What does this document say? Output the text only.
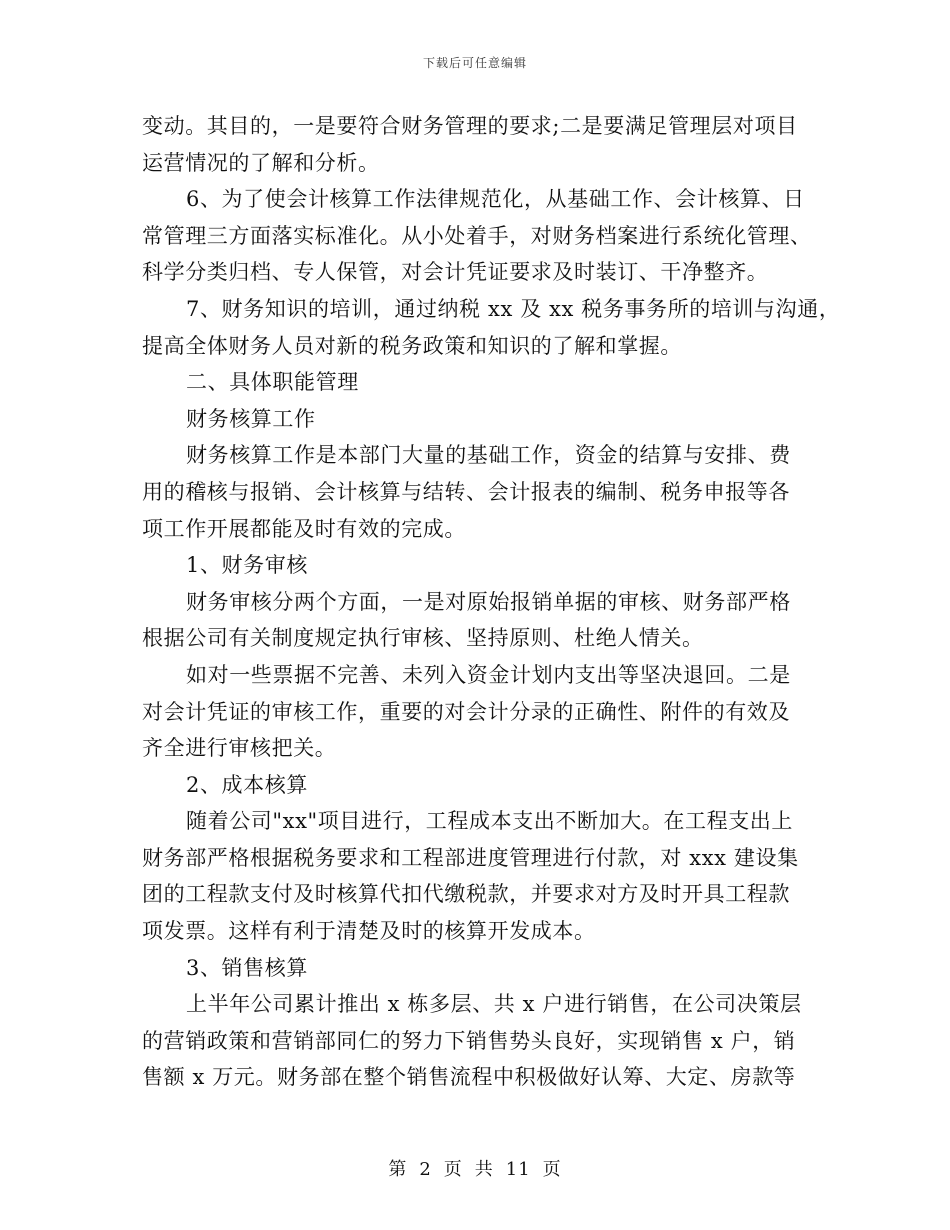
下载后可任意编辑
变动。其目的，一是要符合财务管理的要求;二是要满足管理层对项目
运营情况的了解和分析。
6、为了使会计核算工作法律规范化，从基础工作、会计核算、日
常管理三方面落实标准化。从小处着手，对财务档案进行系统化管理、
科学分类归档、专人保管，对会计凭证要求及时装订、干净整齐。
7、财务知识的培训，通过纳税 xx 及 xx 税务事务所的培训与沟通，
提高全体财务人员对新的税务政策和知识的了解和掌握。
二、具体职能管理
财务核算工作
财务核算工作是本部门大量的基础工作，资金的结算与安排、费
用的稽核与报销、会计核算与结转、会计报表的编制、税务申报等各
项工作开展都能及时有效的完成。
1、财务审核
财务审核分两个方面，一是对原始报销单据的审核、财务部严格
根据公司有关制度规定执行审核、坚持原则、杜绝人情关。
如对一些票据不完善、未列入资金计划内支出等坚决退回。二是
对会计凭证的审核工作，重要的对会计分录的正确性、附件的有效及
齐全进行审核把关。
2、成本核算
随着公司"xx"项目进行，工程成本支出不断加大。在工程支出上
财务部严格根据税务要求和工程部进度管理进行付款，对 xxx 建设集
团的工程款支付及时核算代扣代缴税款，并要求对方及时开具工程款
项发票。这样有利于清楚及时的核算开发成本。
3、销售核算
上半年公司累计推出 x 栋多层、共 x 户进行销售，在公司决策层
的营销政策和营销部同仁的努力下销售势头良好，实现销售 x 户，销
售额 x 万元。财务部在整个销售流程中积极做好认筹、大定、房款等
第 2 页 共 11 页
